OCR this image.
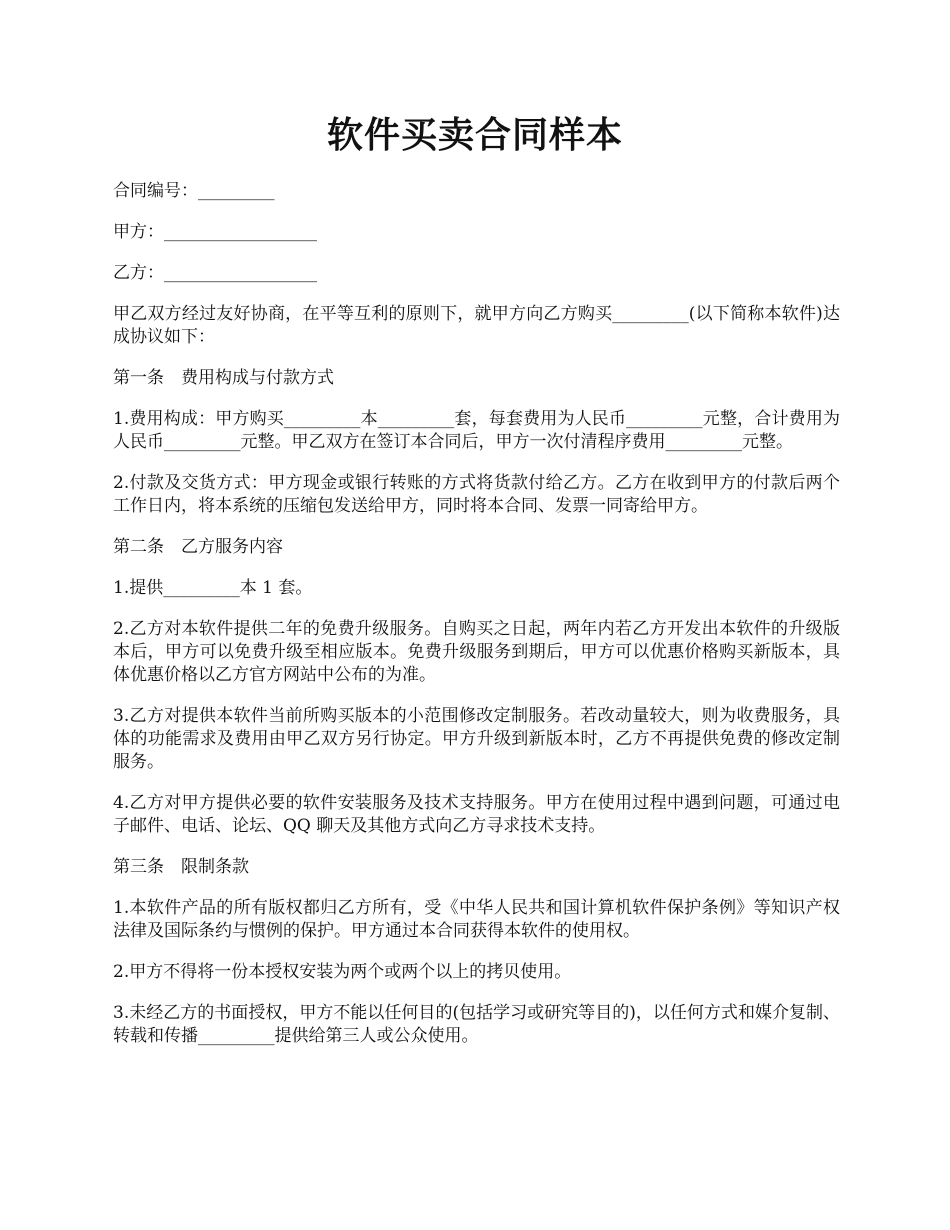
软件买卖合同样本

合同编号：_________

甲方：__________________

乙方：__________________

甲乙双方经过友好协商，在平等互利的原则下，就甲方向乙方购买_________(以下简称本软件)达成协议如下：

第一条　费用构成与付款方式

1.费用构成：甲方购买_________本_________套，每套费用为人民币_________元整，合计费用为人民币_________元整。甲乙双方在签订本合同后，甲方一次付清程序费用_________元整。

2.付款及交货方式：甲方现金或银行转账的方式将货款付给乙方。乙方在收到甲方的付款后两个工作日内，将本系统的压缩包发送给甲方，同时将本合同、发票一同寄给甲方。

第二条　乙方服务内容

1.提供_________本 1 套。

2.乙方对本软件提供二年的免费升级服务。自购买之日起，两年内若乙方开发出本软件的升级版本后，甲方可以免费升级至相应版本。免费升级服务到期后，甲方可以优惠价格购买新版本，具体优惠价格以乙方官方网站中公布的为准。

3.乙方对提供本软件当前所购买版本的小范围修改定制服务。若改动量较大，则为收费服务，具体的功能需求及费用由甲乙双方另行协定。甲方升级到新版本时，乙方不再提供免费的修改定制服务。

4.乙方对甲方提供必要的软件安装服务及技术支持服务。甲方在使用过程中遇到问题，可通过电子邮件、电话、论坛、QQ 聊天及其他方式向乙方寻求技术支持。

第三条　限制条款

1.本软件产品的所有版权都归乙方所有，受《中华人民共和国计算机软件保护条例》等知识产权法律及国际条约与惯例的保护。甲方通过本合同获得本软件的使用权。

2.甲方不得将一份本授权安装为两个或两个以上的拷贝使用。

3.未经乙方的书面授权，甲方不能以任何目的(包括学习或研究等目的)，以任何方式和媒介复制、转载和传播_________提供给第三人或公众使用。
